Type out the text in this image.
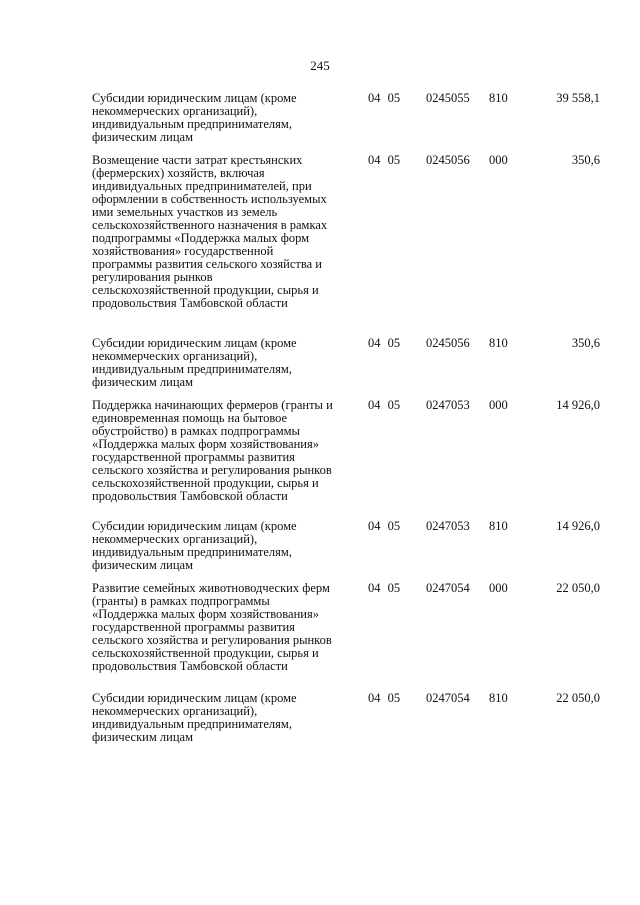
245
Субсидии юридическим лицам (кроме
некоммерческих организаций),
индивидуальным предпринимателям,
физическим лицам
04 05	0245055	810	39 558,1
Возмещение части затрат крестьянских
(фермерских) хозяйств, включая
индивидуальных предпринимателей, при
оформлении в собственность используемых
ими земельных участков из земель
сельскохозяйственного назначения в рамках
подпрограммы «Поддержка малых форм
хозяйствования» государственной
программы развития сельского хозяйства и
регулирования рынков
сельскохозяйственной продукции, сырья и
продовольствия Тамбовской области
04 05	0245056	000	350,6
Субсидии юридическим лицам (кроме
некоммерческих организаций),
индивидуальным предпринимателям,
физическим лицам
04 05	0245056	810	350,6
Поддержка начинающих фермеров (гранты и
единовременная помощь на бытовое
обустройство) в рамках подпрограммы
«Поддержка малых форм хозяйствования»
государственной программы развития
сельского хозяйства и регулирования рынков
сельскохозяйственной продукции, сырья и
продовольствия Тамбовской области
04 05	0247053	000	14 926,0
Субсидии юридическим лицам (кроме
некоммерческих организаций),
индивидуальным предпринимателям,
физическим лицам
04 05	0247053	810	14 926,0
Развитие семейных животноводческих ферм
(гранты) в рамках подпрограммы
«Поддержка малых форм хозяйствования»
государственной программы развития
сельского хозяйства и регулирования рынков
сельскохозяйственной продукции, сырья и
продовольствия Тамбовской области
04 05	0247054	000	22 050,0
Субсидии юридическим лицам (кроме
некоммерческих организаций),
индивидуальным предпринимателям,
физическим лицам
04 05	0247054	810	22 050,0
